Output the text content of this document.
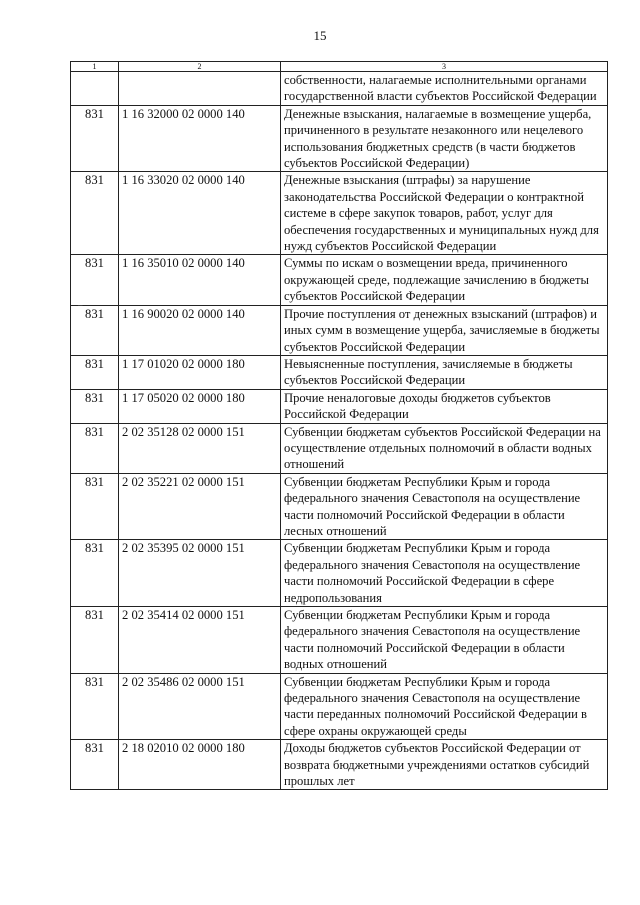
15
1	2	3
		собственности, налагаемые исполнительными органами государственной власти субъектов Российской Федерации
831	1 16 32000 02 0000 140	Денежные взыскания, налагаемые в возмещение ущерба, причиненного в результате незаконного или нецелевого использования бюджетных средств (в части бюджетов субъектов Российской Федерации)
831	1 16 33020 02 0000 140	Денежные взыскания (штрафы) за нарушение законодательства Российской Федерации о контрактной системе в сфере закупок товаров, работ, услуг для обеспечения государственных и муниципальных нужд для нужд субъектов Российской Федерации
831	1 16 35010 02 0000 140	Суммы по искам о возмещении вреда, причиненного окружающей среде, подлежащие зачислению в бюджеты субъектов Российской Федерации
831	1 16 90020 02 0000 140	Прочие поступления от денежных взысканий (штрафов) и иных сумм в возмещение ущерба, зачисляемые в бюджеты субъектов Российской Федерации
831	1 17 01020 02 0000 180	Невыясненные поступления, зачисляемые в бюджеты субъектов Российской Федерации
831	1 17 05020 02 0000 180	Прочие неналоговые доходы бюджетов субъектов Российской Федерации
831	2 02 35128 02 0000 151	Субвенции бюджетам субъектов Российской Федерации на осуществление отдельных полномочий в области водных отношений
831	2 02 35221 02 0000 151	Субвенции бюджетам Республики Крым и города федерального значения Севастополя на осуществление части полномочий Российской Федерации в области лесных отношений
831	2 02 35395 02 0000 151	Субвенции бюджетам Республики Крым и города федерального значения Севастополя на осуществление части полномочий Российской Федерации в сфере недропользования
831	2 02 35414 02 0000 151	Субвенции бюджетам Республики Крым и города федерального значения Севастополя на осуществление части полномочий Российской Федерации в области водных отношений
831	2 02 35486 02 0000 151	Субвенции бюджетам Республики Крым и города федерального значения Севастополя на осуществление части переданных полномочий Российской Федерации в сфере охраны окружающей среды
831	2 18 02010 02 0000 180	Доходы бюджетов субъектов Российской Федерации от возврата бюджетными учреждениями остатков субсидий прошлых лет
–
